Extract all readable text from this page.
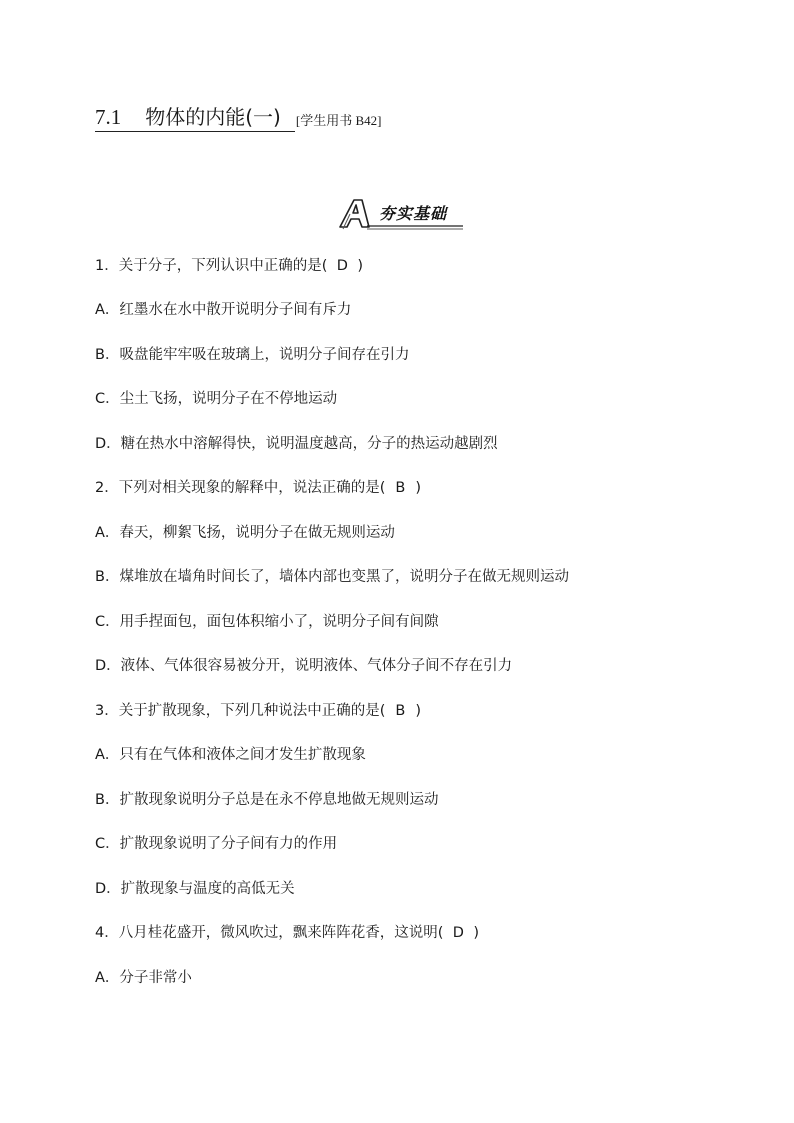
7.1	物体的内能(一) [学生用书 B42]
A
夯实基础
1．关于分子，下列认识中正确的是( D )
A．红墨水在水中散开说明分子间有斥力
B．吸盘能牢牢吸在玻璃上，说明分子间存在引力
C．尘土飞扬，说明分子在不停地运动
D．糖在热水中溶解得快，说明温度越高，分子的热运动越剧烈
2．下列对相关现象的解释中，说法正确的是( B )
A．春天，柳絮飞扬，说明分子在做无规则运动
B．煤堆放在墙角时间长了，墙体内部也变黑了，说明分子在做无规则运动
C．用手捏面包，面包体积缩小了，说明分子间有间隙
D．液体、气体很容易被分开，说明液体、气体分子间不存在引力
3．关于扩散现象，下列几种说法中正确的是( B )
A．只有在气体和液体之间才发生扩散现象
B．扩散现象说明分子总是在永不停息地做无规则运动
C．扩散现象说明了分子间有力的作用
D．扩散现象与温度的高低无关
4．八月桂花盛开，微风吹过，飘来阵阵花香，这说明( D )
A．分子非常小
